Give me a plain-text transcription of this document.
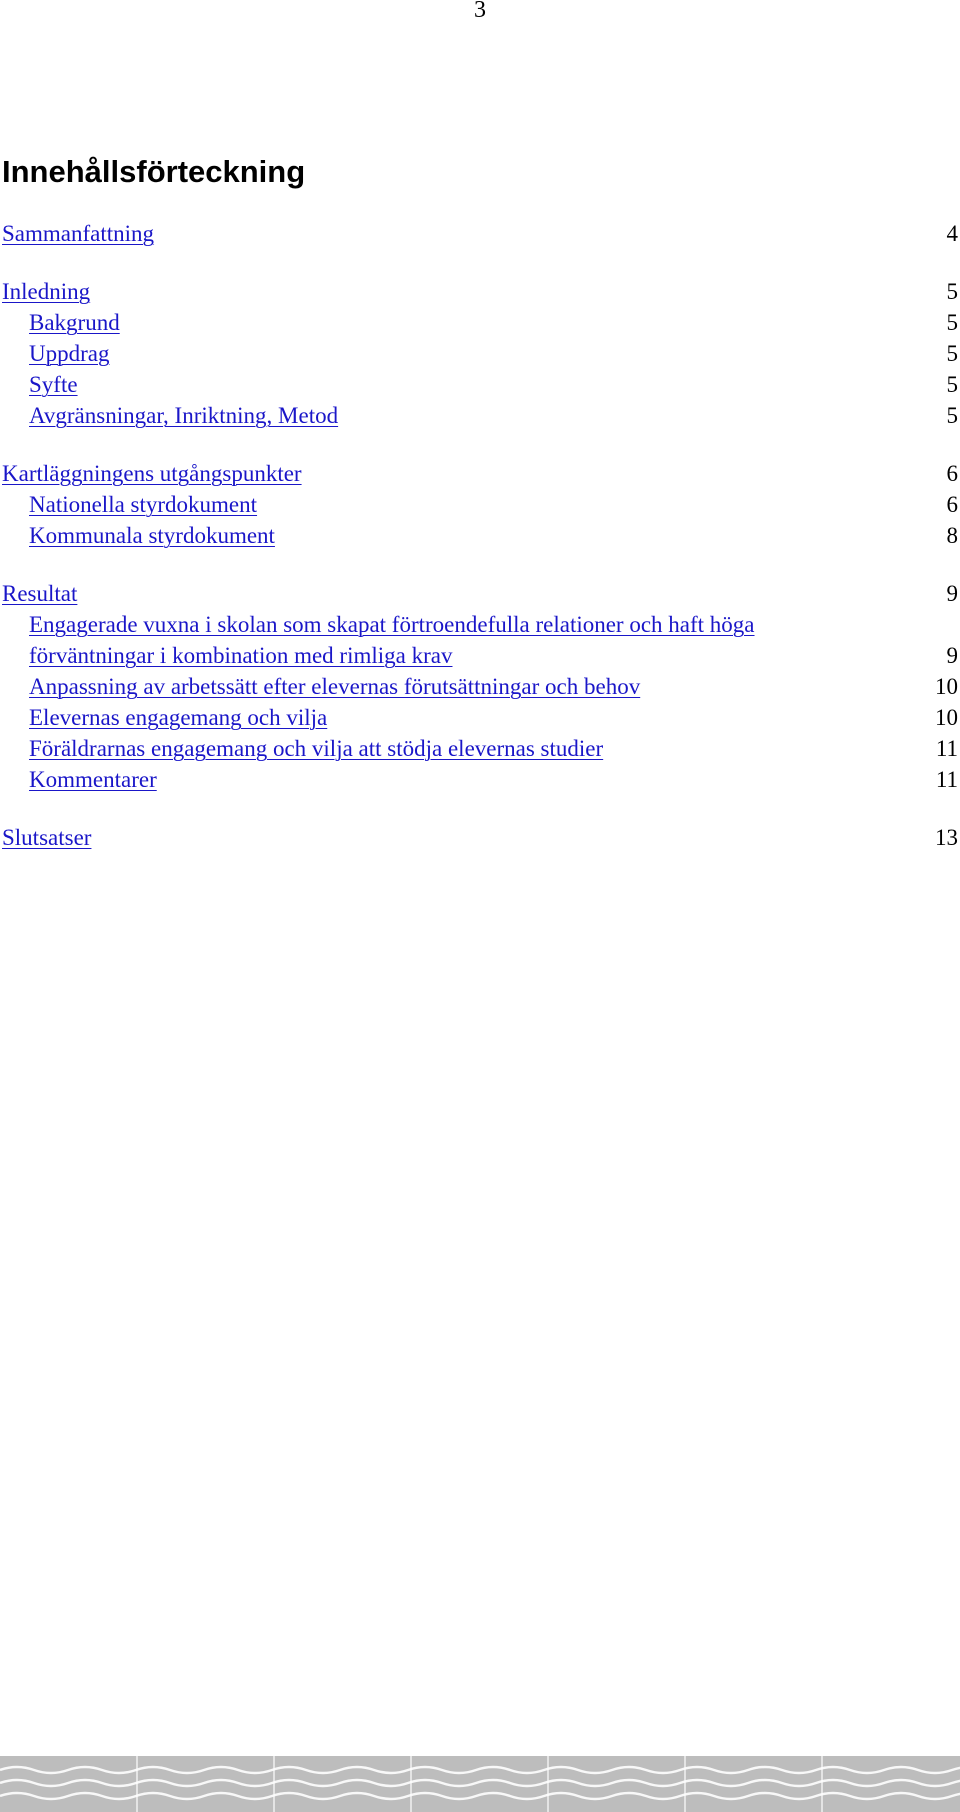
3
Innehållsförteckning
Sammanfattning	4
Inledning	5
Bakgrund	5
Uppdrag	5
Syfte	5
Avgränsningar, Inriktning, Metod	5
Kartläggningens utgångspunkter	6
Nationella styrdokument	6
Kommunala styrdokument	8
Resultat	9
Engagerade vuxna i skolan som skapat förtroendefulla relationer och haft höga förväntningar i kombination med rimliga krav	9
Anpassning av arbetssätt efter elevernas förutsättningar och behov	10
Elevernas engagemang och vilja	10
Föräldrarnas engagemang och vilja att stödja elevernas studier	11
Kommentarer	11
Slutsatser	13
